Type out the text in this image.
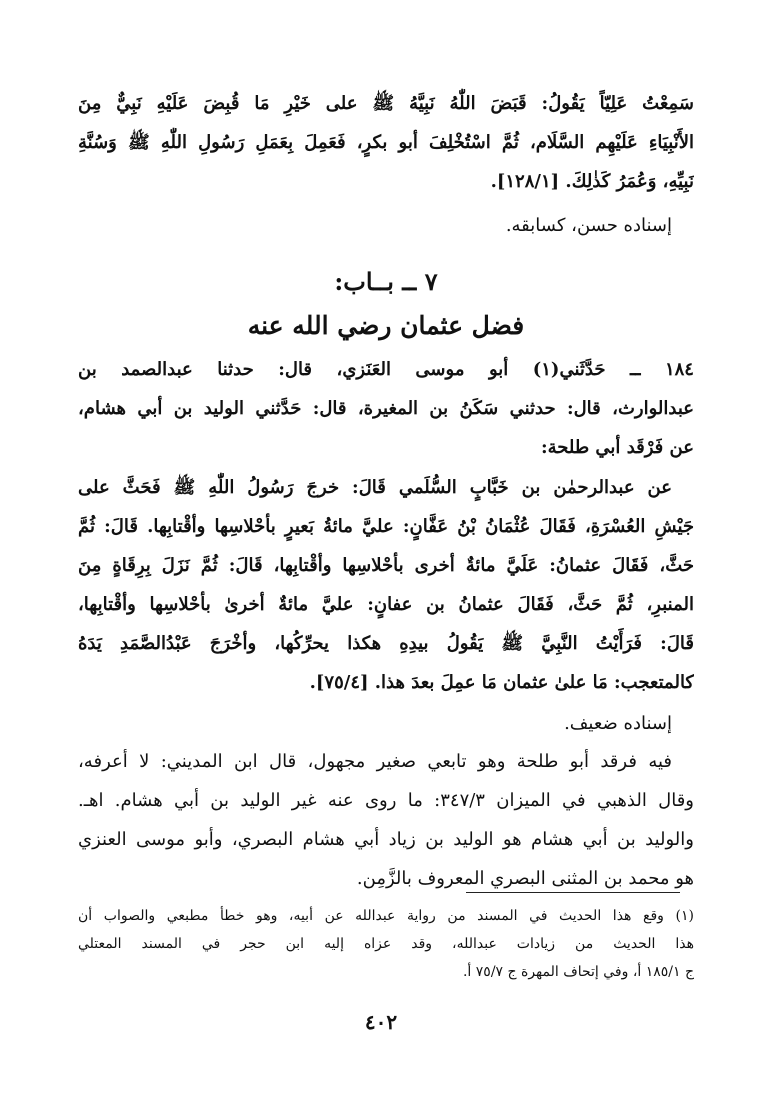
سَمِعْتُ عَلِيّاً يَقُولُ: قَبَضَ اللّٰهُ نَبِيَّهُ ﷺ على خَيْرِ مَا قُبِضَ عَلَيْهِ نَبِيٌّ مِنَ
الأَنْبِيَاءِ عَلَيْهِم السَّلَام، ثُمَّ اسْتُخْلِفَ أبو بكرٍ، فَعَمِلَ بِعَمَلِ رَسُولِ اللّٰهِ ﷺ وَسُنَّةِ
نَبِيِّهِ، وَعُمَرُ كَذٰلِكَ. [١٢٨/١].
إسناده حسن، كسابقه.
٧ ــ بــاب:
فضل عثمان رضي الله عنه
١٨٤ ــ حَدَّثَني(١) أبو موسى العَنَزي، قال: حدثنا عبدالصمد بن
عبدالوارث، قال: حدثني سَكَنُ بن المغيرة، قال: حَدَّثني الوليد بن أبي هشام،
عن فَرْقَد أبي طلحة:
عن عبدالرحمٰن بن خَبَّابٍ السُّلَمي قَالَ: خرجَ رَسُولُ اللّٰهِ ﷺ فَحَثَّ على
جَيْشِ العُسْرَةِ، فَقَالَ عُثْمَانُ بْنُ عَفَّانٍ: عليَّ مائةُ بَعيرٍ بأحْلاسِها وأقْتابِها. قَالَ: ثُمَّ
حَثَّ، فَقَالَ عثمانُ: عَلَيَّ مائةٌ أخرى بأحْلاسِها وأقْتابِها، قَالَ: ثُمَّ نَزَلَ بِرِقَاةٍ مِنَ
المنبرِ، ثُمَّ حَثَّ، فَقَالَ عثمانُ بن عفانٍ: عليَّ مائةٌ أخرىٰ بأحْلاسِها وأقْتابِها،
قَالَ: فَرَأَيْتُ النَّبِيَّ ﷺ يَقُولُ بيدِهِ هكذا يحرِّكُها، وأخْرَجَ عَبْدُالصَّمَدِ يَدَهُ
كالمتعجب: مَا علىٰ عثمان مَا عمِلَ بعدَ هذا. [٧٥/٤].
إسناده ضعيف.
فيه فرقد أبو طلحة وهو تابعي صغير مجهول، قال ابن المديني: لا أعرفه،
وقال الذهبي في الميزان ٣٤٧/٣: ما روى عنه غير الوليد بن أبي هشام. اهـ.
والوليد بن أبي هشام هو الوليد بن زياد أبي هشام البصري، وأبو موسى العنزي
هو محمد بن المثنى البصري المعروف بالزَّمِن.
(١) وقع هذا الحديث في المسند من رواية عبدالله عن أبيه، وهو خطأ مطبعي والصواب أن
هذا الحديث من زيادات عبدالله، وقد عزاه إليه ابن حجر في المسند المعتلي
ج ١٨٥/١ أ، وفي إتحاف المهرة ج ٧٥/٧ أ.
٤٠٢
